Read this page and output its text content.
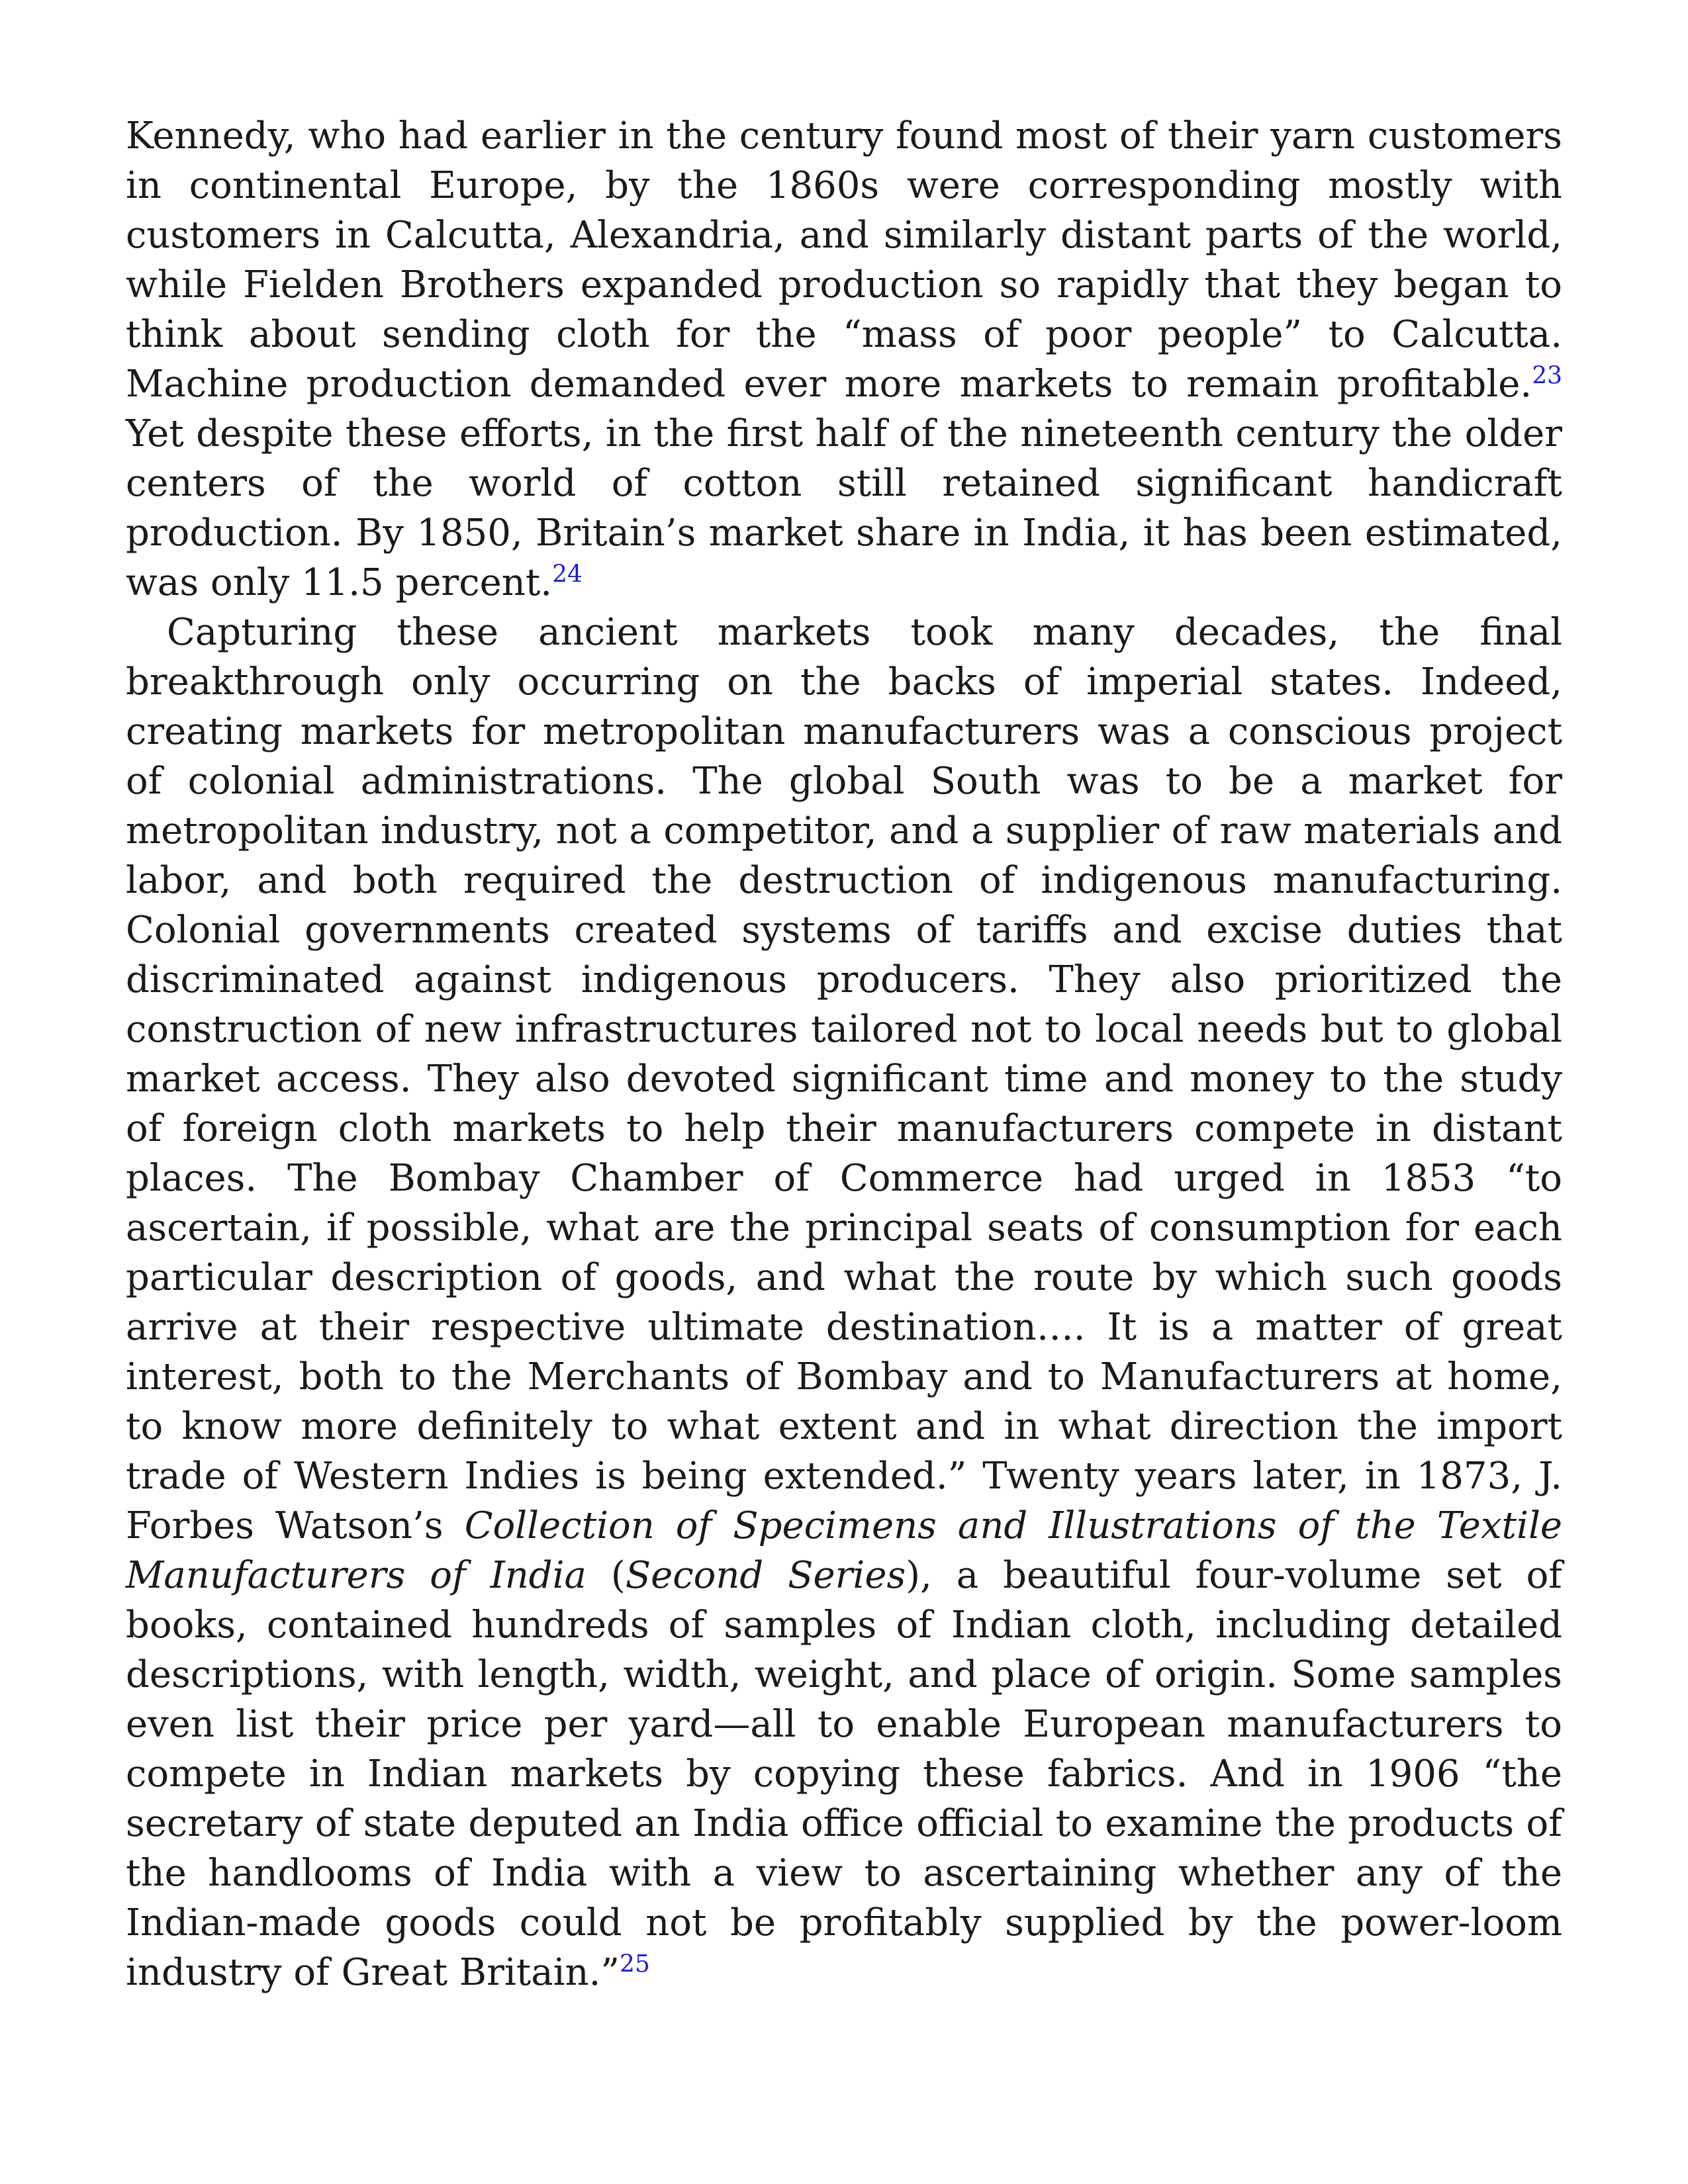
Kennedy, who had earlier in the century found most of their yarn customers in continental Europe, by the 1860s were corresponding mostly with customers in Calcutta, Alexandria, and similarly distant parts of the world, while Fielden Brothers expanded production so rapidly that they began to think about sending cloth for the “mass of poor people” to Calcutta. Machine production demanded ever more markets to remain profitable.$^{23}$ Yet despite these efforts, in the first half of the nineteenth century the older centers of the world of cotton still retained significant handicraft production. By 1850, Britain’s market share in India, it has been estimated, was only 11.5 percent.$^{24}$

Capturing these ancient markets took many decades, the final breakthrough only occurring on the backs of imperial states. Indeed, creating markets for metropolitan manufacturers was a conscious project of colonial administrations. The global South was to be a market for metropolitan industry, not a competitor, and a supplier of raw materials and labor, and both required the destruction of indigenous manufacturing. Colonial governments created systems of tariffs and excise duties that discriminated against indigenous producers. They also prioritized the construction of new infrastructures tailored not to local needs but to global market access. They also devoted significant time and money to the study of foreign cloth markets to help their manufacturers compete in distant places. The Bombay Chamber of Commerce had urged in 1853 “to ascertain, if possible, what are the principal seats of consumption for each particular description of goods, and what the route by which such goods arrive at their respective ultimate destination…. It is a matter of great interest, both to the Merchants of Bombay and to Manufacturers at home, to know more definitely to what extent and in what direction the import trade of Western Indies is being extended.” Twenty years later, in 1873, J. Forbes Watson’s Collection of Specimens and Illustrations of the Textile Manufacturers of India (Second Series), a beautiful four-volume set of books, contained hundreds of samples of Indian cloth, including detailed descriptions, with length, width, weight, and place of origin. Some samples even list their price per yard—all to enable European manufacturers to compete in Indian markets by copying these fabrics. And in 1906 “the secretary of state deputed an India office official to examine the products of the handlooms of India with a view to ascertaining whether any of the Indian-made goods could not be profitably supplied by the power-loom industry of Great Britain.”$^{25}$
